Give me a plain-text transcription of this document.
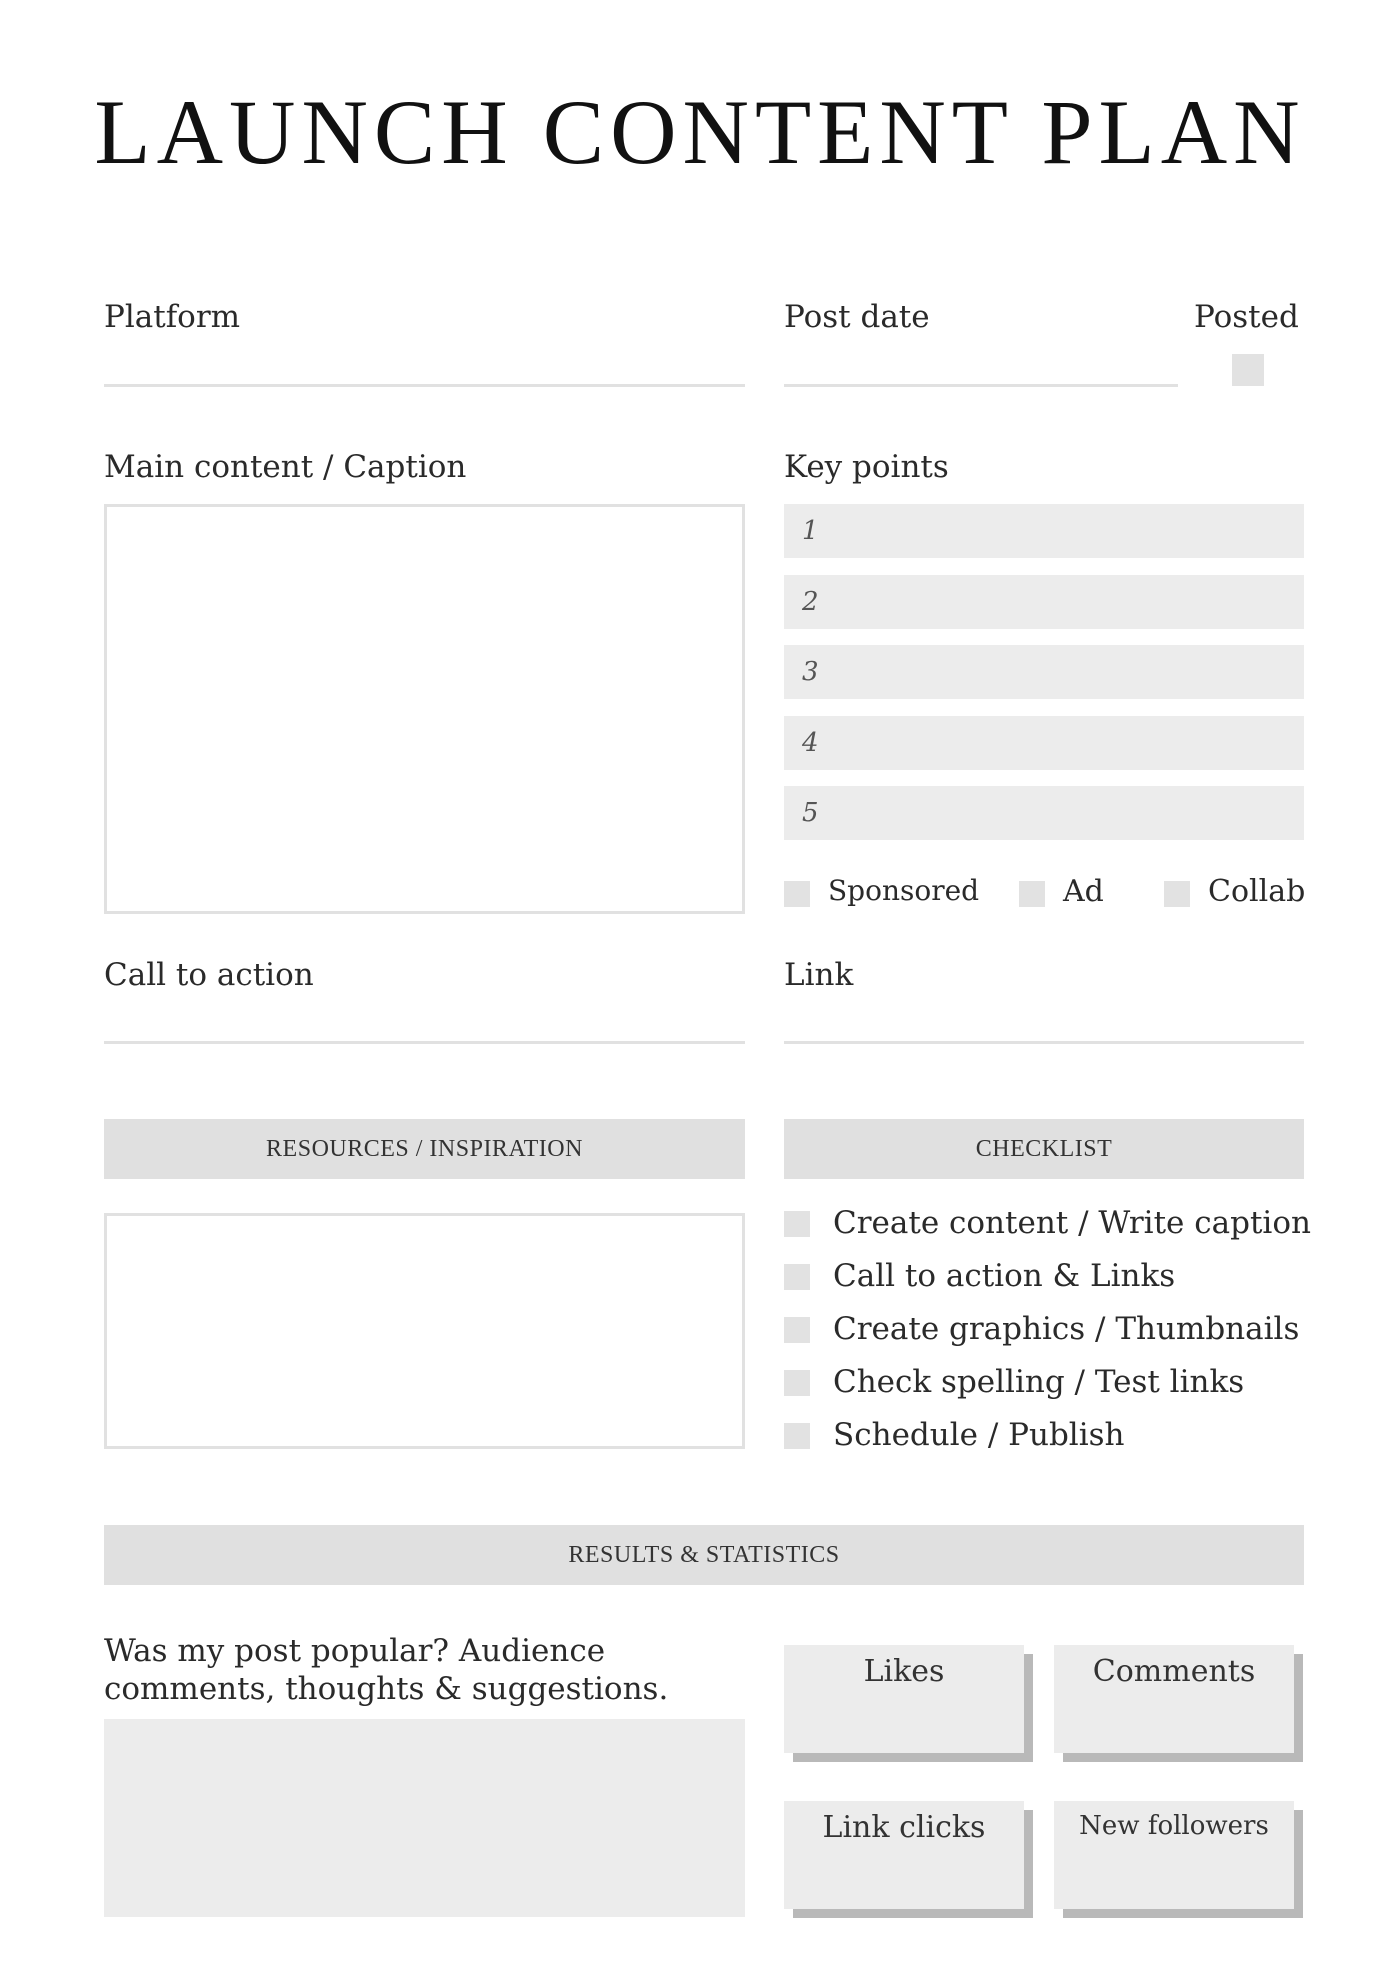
LAUNCH CONTENT PLAN
Platform	Post date	Posted
Main content / Caption	Key points
1
2
3
4
5
Sponsored	Ad	Collab
Call to action	Link
RESOURCES / INSPIRATION	CHECKLIST
Create content / Write caption
Call to action & Links
Create graphics / Thumbnails
Check spelling / Test links
Schedule / Publish
RESULTS & STATISTICS
Was my post popular? Audience
comments, thoughts & suggestions.	Likes	Comments
Link clicks	New followers
